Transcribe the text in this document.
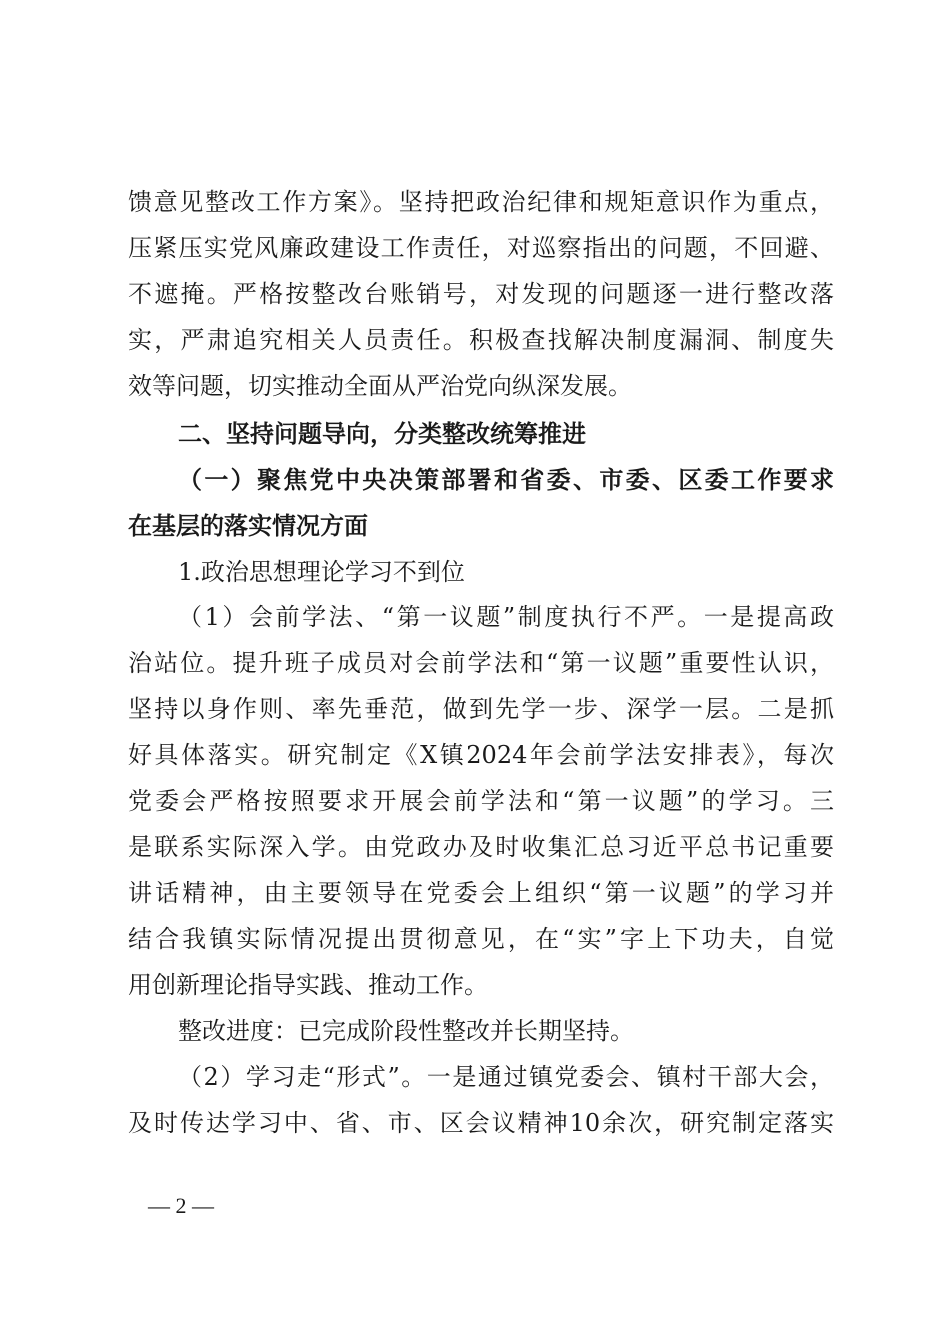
馈意见整改工作方案》。坚持把政治纪律和规矩意识作为重点，
压紧压实党风廉政建设工作责任，对巡察指出的问题，不回避、
不遮掩。严格按整改台账销号，对发现的问题逐一进行整改落
实，严肃追究相关人员责任。积极查找解决制度漏洞、制度失
效等问题，切实推动全面从严治党向纵深发展。
二、坚持问题导向，分类整改统筹推进
（一）聚焦党中央决策部署和省委、市委、区委工作要求
在基层的落实情况方面
1.政治思想理论学习不到位
（1）会前学法、“第一议题”制度执行不严。一是提高政
治站位。提升班子成员对会前学法和“第一议题”重要性认识，
坚持以身作则、率先垂范，做到先学一步、深学一层。二是抓
好具体落实。研究制定《X镇2024年会前学法安排表》，每次
党委会严格按照要求开展会前学法和“第一议题”的学习。三
是联系实际深入学。由党政办及时收集汇总习近平总书记重要
讲话精神，由主要领导在党委会上组织“第一议题”的学习并
结合我镇实际情况提出贯彻意见，在“实”字上下功夫，自觉
用创新理论指导实践、推动工作。
整改进度：已完成阶段性整改并长期坚持。
（2）学习走“形式”。一是通过镇党委会、镇村干部大会，
及时传达学习中、省、市、区会议精神10余次，研究制定落实
— 2 —
